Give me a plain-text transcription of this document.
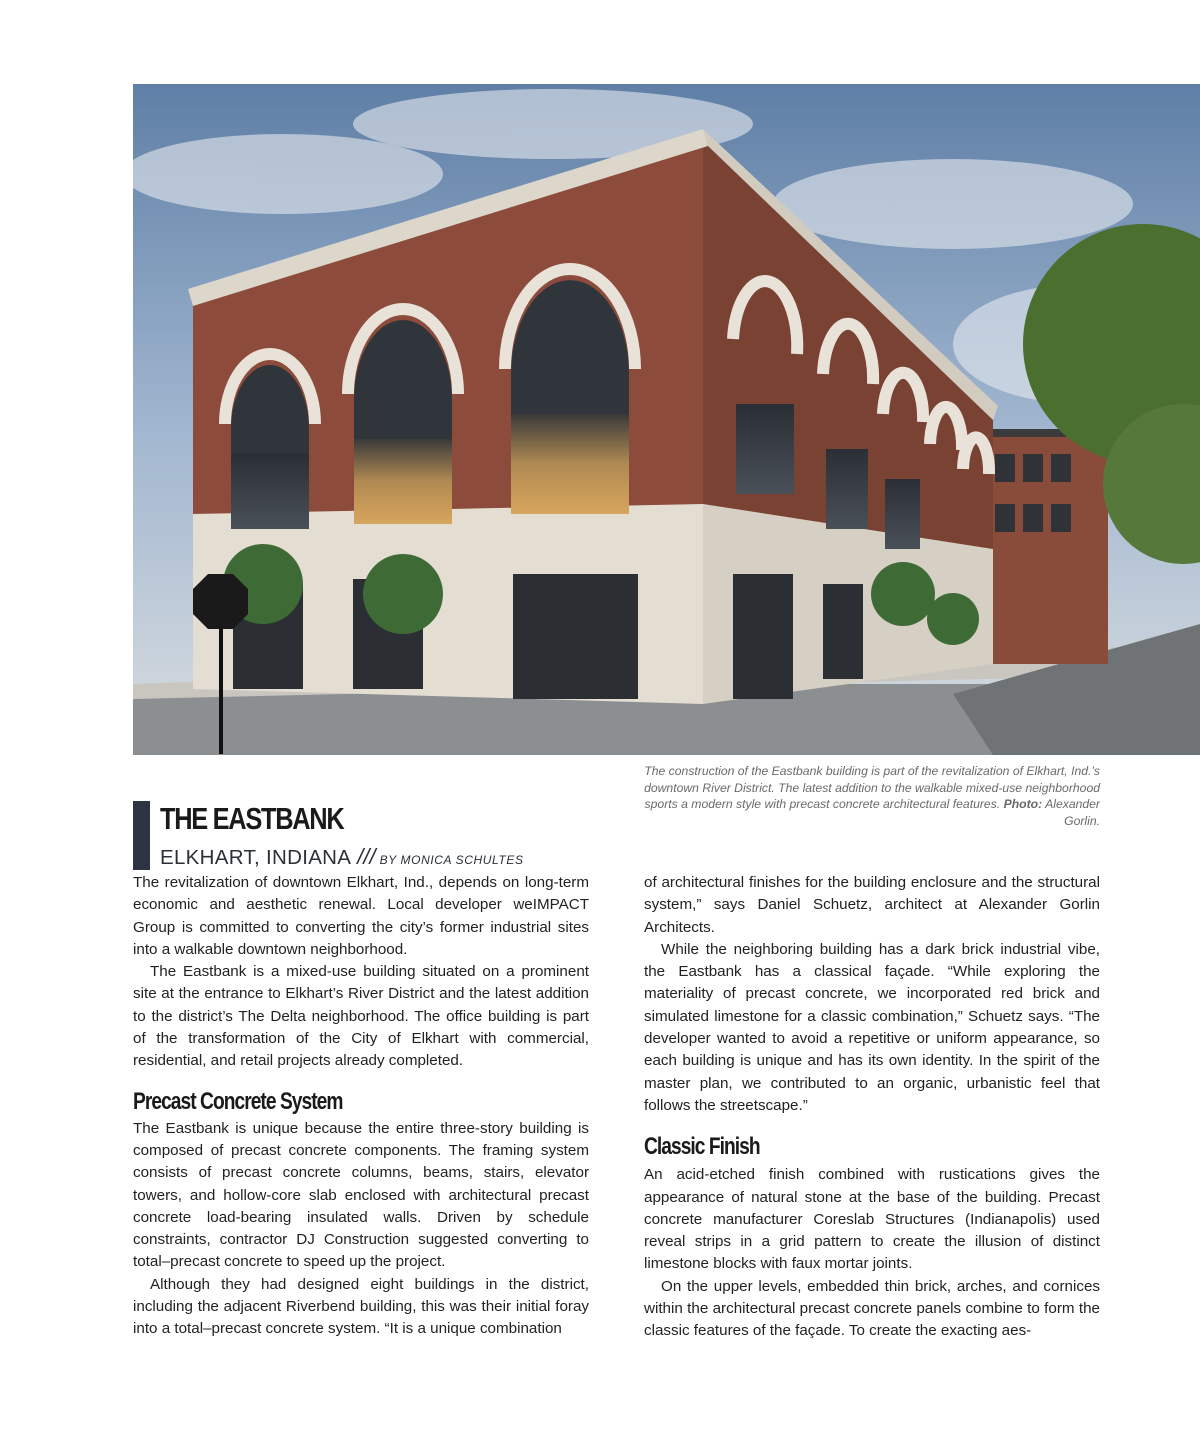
The construction of the Eastbank building is part of the revitalization of Elkhart, Ind.’s downtown River District. The latest addition to the walkable mixed-use neighborhood sports a modern style with precast concrete architectural features. Photo: Alexander Gorlin.
THE EASTBANK
ELKHART, INDIANA /// BY MONICA SCHULTES

The revitalization of downtown Elkhart, Ind., depends on long-term economic and aesthetic renewal. Local developer weIMPACT Group is committed to converting the city’s former industrial sites into a walkable downtown neighborhood.

The Eastbank is a mixed-use building situated on a prominent site at the entrance to Elkhart’s River District and the latest addition to the district’s The Delta neighborhood. The office building is part of the transformation of the City of Elkhart with commercial, residential, and retail projects already completed.

Precast Concrete System

The Eastbank is unique because the entire three-story building is composed of precast concrete components. The framing system consists of precast concrete columns, beams, stairs, elevator towers, and hollow-core slab enclosed with architectural precast concrete load-bearing insulated walls. Driven by schedule constraints, contractor DJ Construction suggested converting to total–precast concrete to speed up the project.

Although they had designed eight buildings in the district, including the adjacent Riverbend building, this was their initial foray into a total–precast concrete system. “It is a unique combination

of architectural finishes for the building enclosure and the structural system,” says Daniel Schuetz, architect at Alexander Gorlin Architects.

While the neighboring building has a dark brick industrial vibe, the Eastbank has a classical façade. “While exploring the materiality of precast concrete, we incorporated red brick and simulated limestone for a classic combination,” Schuetz says. “The developer wanted to avoid a repetitive or uniform appearance, so each building is unique and has its own identity. In the spirit of the master plan, we contributed to an organic, urbanistic feel that follows the streetscape.”

Classic Finish

An acid-etched finish combined with rustications gives the appearance of natural stone at the base of the building. Precast concrete manufacturer Coreslab Structures (Indianapolis) used reveal strips in a grid pattern to create the illusion of distinct limestone blocks with faux mortar joints.

On the upper levels, embedded thin brick, arches, and cornices within the architectural precast concrete panels combine to form the classic features of the façade. To create the exacting aes-
